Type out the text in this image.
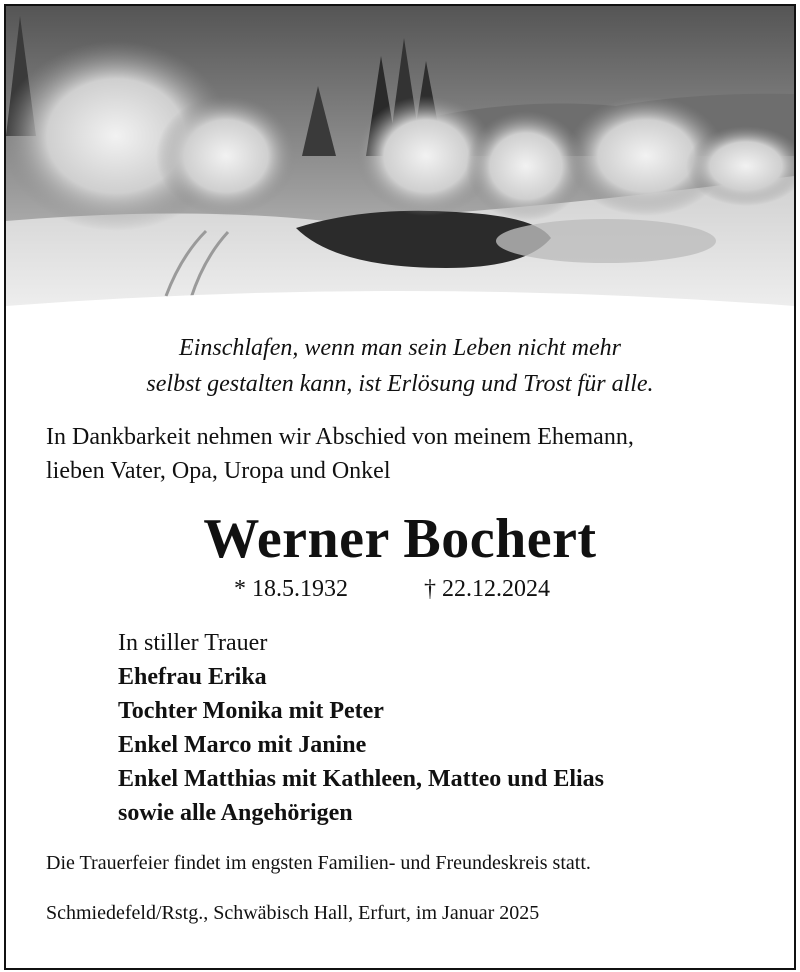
Einschlafen, wenn man sein Leben nicht mehr
selbst gestalten kann, ist Erlösung und Trost für alle.
In Dankbarkeit nehmen wir Abschied von meinem Ehemann,
lieben Vater, Opa, Uropa und Onkel
Werner Bochert
* 18.5.1932	† 22.12.2024
In stiller Trauer
Ehefrau Erika
Tochter Monika mit Peter
Enkel Marco mit Janine
Enkel Matthias mit Kathleen, Matteo und Elias
sowie alle Angehörigen
Die Trauerfeier findet im engsten Familien- und Freundeskreis statt.
Schmiedefeld/Rstg., Schwäbisch Hall, Erfurt, im Januar 2025
